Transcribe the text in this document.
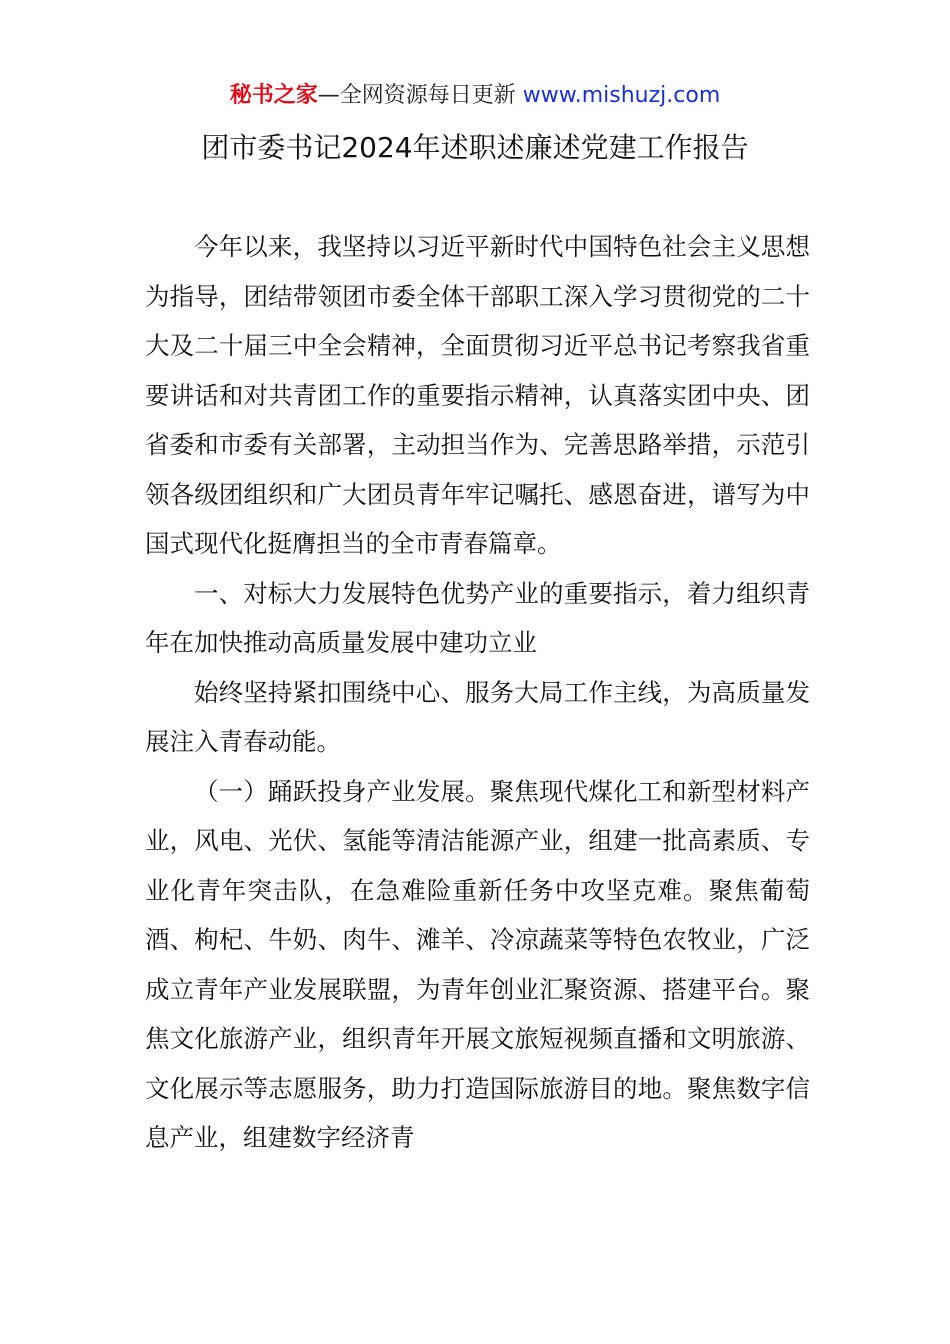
秘书之家—全网资源每日更新 www.mishuzj.com
团市委书记2024年述职述廉述党建工作报告

今年以来，我坚持以习近平新时代中国特色社会主义思想为指导，团结带领团市委全体干部职工深入学习贯彻党的二十大及二十届三中全会精神，全面贯彻习近平总书记考察我省重要讲话和对共青团工作的重要指示精神，认真落实团中央、团省委和市委有关部署，主动担当作为、完善思路举措，示范引领各级团组织和广大团员青年牢记嘱托、感恩奋进，谱写为中国式现代化挺膺担当的全市青春篇章。

一、对标大力发展特色优势产业的重要指示，着力组织青年在加快推动高质量发展中建功立业

始终坚持紧扣围绕中心、服务大局工作主线，为高质量发展注入青春动能。

（一）踊跃投身产业发展。聚焦现代煤化工和新型材料产业，风电、光伏、氢能等清洁能源产业，组建一批高素质、专业化青年突击队，在急难险重新任务中攻坚克难。聚焦葡萄酒、枸杞、牛奶、肉牛、滩羊、冷凉蔬菜等特色农牧业，广泛成立青年产业发展联盟，为青年创业汇聚资源、搭建平台。聚焦文化旅游产业，组织青年开展文旅短视频直播和文明旅游、文化展示等志愿服务，助力打造国际旅游目的地。聚焦数字信息产业，组建数字经济青
